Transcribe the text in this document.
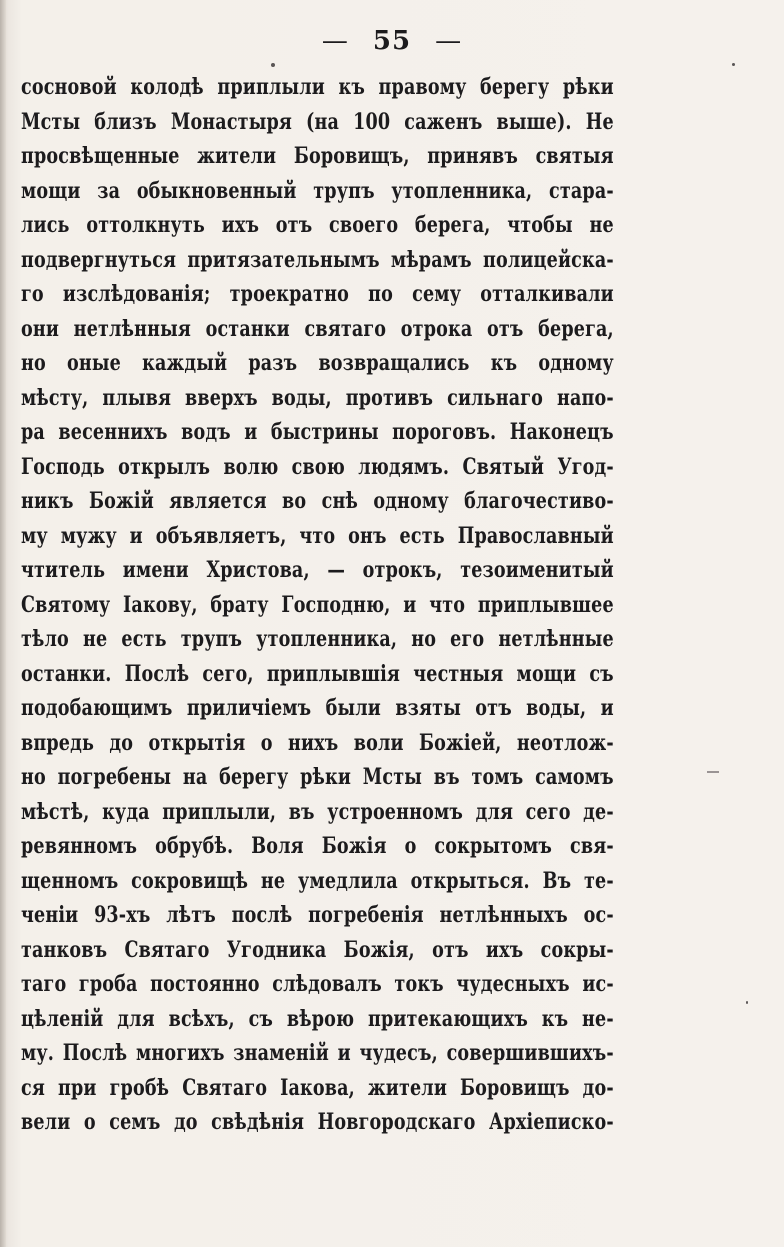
— 55 —
сосновой колодѣ приплыли къ правому берегу рѣки
Мсты близъ Монастыря (на 100 саженъ выше). Не
просвѣщенные жители Боровищъ, принявъ святыя
мощи за обыкновенный трупъ утопленника, стара-
лись оттолкнуть ихъ отъ своего берега, чтобы не
подвергнуться притязательнымъ мѣрамъ полицейска-
го изслѣдованія; троекратно по сему отталкивали
они нетлѣнныя останки святаго отрока отъ берега,
но оные каждый разъ возвращались къ одному
мѣсту, плывя вверхъ воды, противъ сильнаго напо-
ра весеннихъ водъ и быстрины пороговъ. Наконецъ
Господь открылъ волю свою людямъ. Святый Угод-
никъ Божій является во снѣ одному благочестиво-
му мужу и объявляетъ, что онъ есть Православный
чтитель имени Христова, — отрокъ, тезоименитый
Святому Іакову, брату Господню, и что приплывшее
тѣло не есть трупъ утопленника, но его нетлѣнные
останки. Послѣ сего, приплывшія честныя мощи съ
подобающимъ приличіемъ были взяты отъ воды, и
впредь до открытія о нихъ воли Божіей, неотлож-
но погребены на берегу рѣки Мсты въ томъ самомъ
мѣстѣ, куда приплыли, въ устроенномъ для сего де-
ревянномъ обрубѣ. Воля Божія о сокрытомъ свя-
щенномъ сокровищѣ не умедлила открыться. Въ те-
ченіи 93-хъ лѣтъ послѣ погребенія нетлѣнныхъ ос-
танковъ Святаго Угодника Божія, отъ ихъ сокры-
таго гроба постоянно слѣдовалъ токъ чудесныхъ ис-
цѣленій для всѣхъ, съ вѣрою притекающихъ къ не-
му. Послѣ многихъ знаменій и чудесъ, совершившихъ-
ся при гробѣ Святаго Іакова, жители Боровищъ до-
вели о семъ до свѣдѣнія Новгородскаго Архіеписко-
